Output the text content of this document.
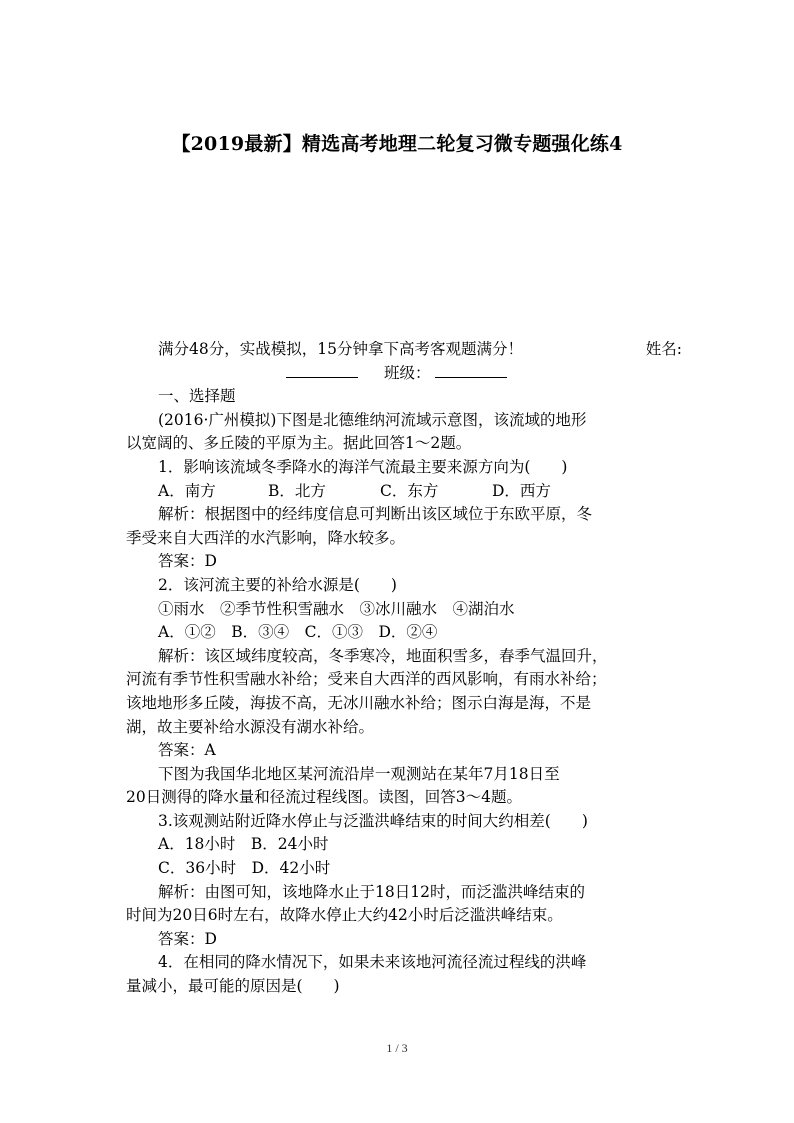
【2019最新】精选高考地理二轮复习微专题强化练4
满分48分，实战模拟，15分钟拿下高考客观题满分！	姓名:
班级：
一、选择题
(2016·广州模拟)下图是北德维纳河流域示意图，该流域的地形
以宽阔的、多丘陵的平原为主。据此回答1～2题。
1．影响该流域冬季降水的海洋气流最主要来源方向为(　　)
A．南方	B．北方	C．东方	D．西方
解析：根据图中的经纬度信息可判断出该区域位于东欧平原，冬
季受来自大西洋的水汽影响，降水较多。
答案：D
2．该河流主要的补给水源是(　　)
①雨水　②季节性积雪融水　③冰川融水　④湖泊水
A．①②　B．③④　C．①③　D．②④
解析：该区域纬度较高，冬季寒冷，地面积雪多，春季气温回升，
河流有季节性积雪融水补给；受来自大西洋的西风影响，有雨水补给；
该地地形多丘陵，海拔不高，无冰川融水补给；图示白海是海，不是
湖，故主要补给水源没有湖水补给。
答案：A
下图为我国华北地区某河流沿岸一观测站在某年7月18日至
20日测得的降水量和径流过程线图。读图，回答3～4题。
3.该观测站附近降水停止与泛滥洪峰结束的时间大约相差(　　)
A．18小时　B．24小时
C．36小时　D．42小时
解析：由图可知，该地降水止于18日12时，而泛滥洪峰结束的
时间为20日6时左右，故降水停止大约42小时后泛滥洪峰结束。
答案：D
4．在相同的降水情况下，如果未来该地河流径流过程线的洪峰
量减小，最可能的原因是(　　)
1 / 3
